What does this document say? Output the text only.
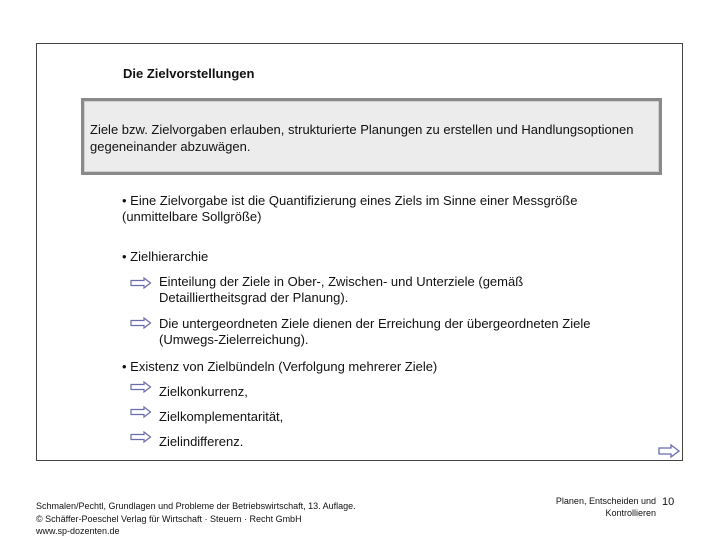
Die Zielvorstellungen
Ziele bzw. Zielvorgaben erlauben, strukturierte Planungen zu erstellen und Handlungsoptionen gegeneinander abzuwägen.
• Eine Zielvorgabe ist die Quantifizierung eines Ziels im Sinne einer Messgröße
(unmittelbare Sollgröße)
• Zielhierarchie
Einteilung der Ziele in Ober-, Zwischen- und Unterziele (gemäß
Detailliertheitsgrad der Planung).
Die untergeordneten Ziele dienen der Erreichung der übergeordneten Ziele
(Umwegs-Zielerreichung).
• Existenz von Zielbündeln (Verfolgung mehrerer Ziele)
Zielkonkurrenz,
Zielkomplementarität,
Zielindifferenz.
Schmalen/Pechtl, Grundlagen und Probleme der Betriebswirtschaft, 13. Auflage.
© Schäffer-Poeschel Verlag für Wirtschaft · Steuern · Recht GmbH
www.sp-dozenten.de
Planen, Entscheiden und
Kontrollieren
10
